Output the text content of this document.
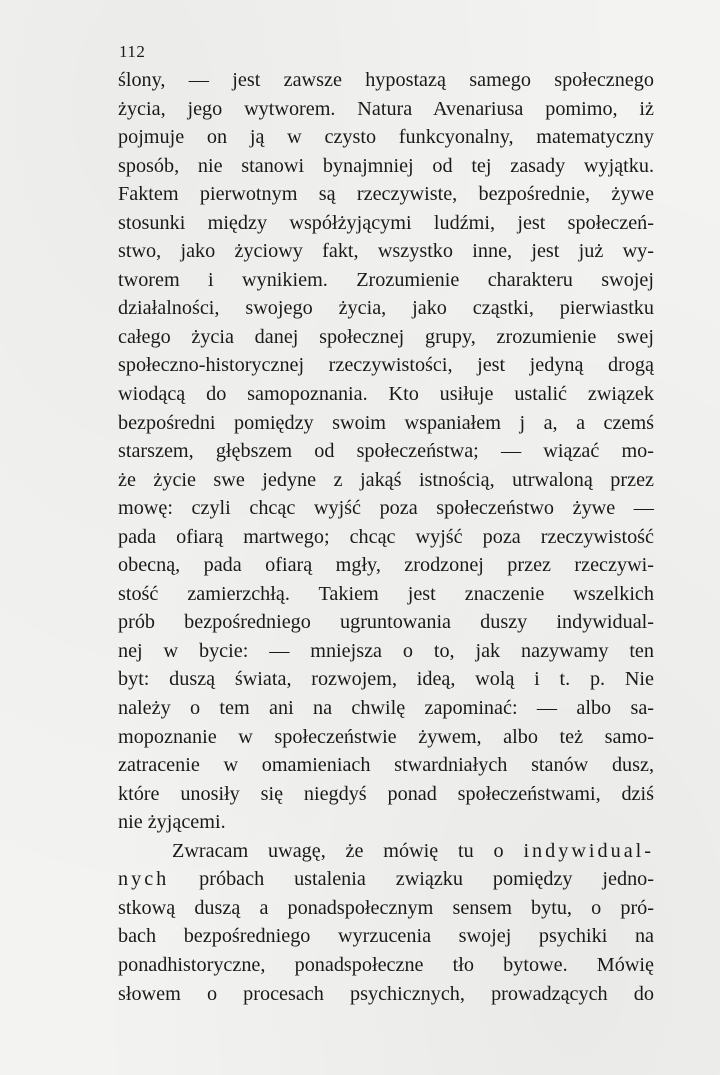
112
ślony, — jest zawsze hypostazą samego społecznego
życia, jego wytworem. Natura Avenariusa pomimo, iż
pojmuje on ją w czysto funkcyonalny, matematyczny
sposób, nie stanowi bynajmniej od tej zasady wyjątku.
Faktem pierwotnym są rzeczywiste, bezpośrednie, żywe
stosunki między współżyjącymi ludźmi, jest społeczeń-
stwo, jako życiowy fakt, wszystko inne, jest już wy-
tworem i wynikiem. Zrozumienie charakteru swojej
działalności, swojego życia, jako cząstki, pierwiastku
całego życia danej społecznej grupy, zrozumienie swej
społeczno-historycznej rzeczywistości, jest jedyną drogą
wiodącą do samopoznania. Kto usiłuje ustalić związek
bezpośredni pomiędzy swoim wspaniałem j a, a czemś
starszem, głębszem od społeczeństwa; — wiązać mo-
że życie swe jedyne z jakąś istnością, utrwaloną przez
mowę: czyli chcąc wyjść poza społeczeństwo żywe —
pada ofiarą martwego; chcąc wyjść poza rzeczywistość
obecną, pada ofiarą mgły, zrodzonej przez rzeczywi-
stość zamierzchłą. Takiem jest znaczenie wszelkich
prób bezpośredniego ugruntowania duszy indywidual-
nej w bycie: — mniejsza o to, jak nazywamy ten
byt: duszą świata, rozwojem, ideą, wolą i t. p. Nie
należy o tem ani na chwilę zapominać: — albo sa-
mopoznanie w społeczeństwie żywem, albo też samo-
zatracenie w omamieniach stwardniałych stanów dusz,
które unosiły się niegdyś ponad społeczeństwami, dziś
nie żyjącemi.
Zwracam uwagę, że mówię tu o indywidual-
nych próbach ustalenia związku pomiędzy jedno-
stkową duszą a ponadspołecznym sensem bytu, o pró-
bach bezpośredniego wyrzucenia swojej psychiki na
ponadhistoryczne, ponadspołeczne tło bytowe. Mówię
słowem o procesach psychicznych, prowadzących do
